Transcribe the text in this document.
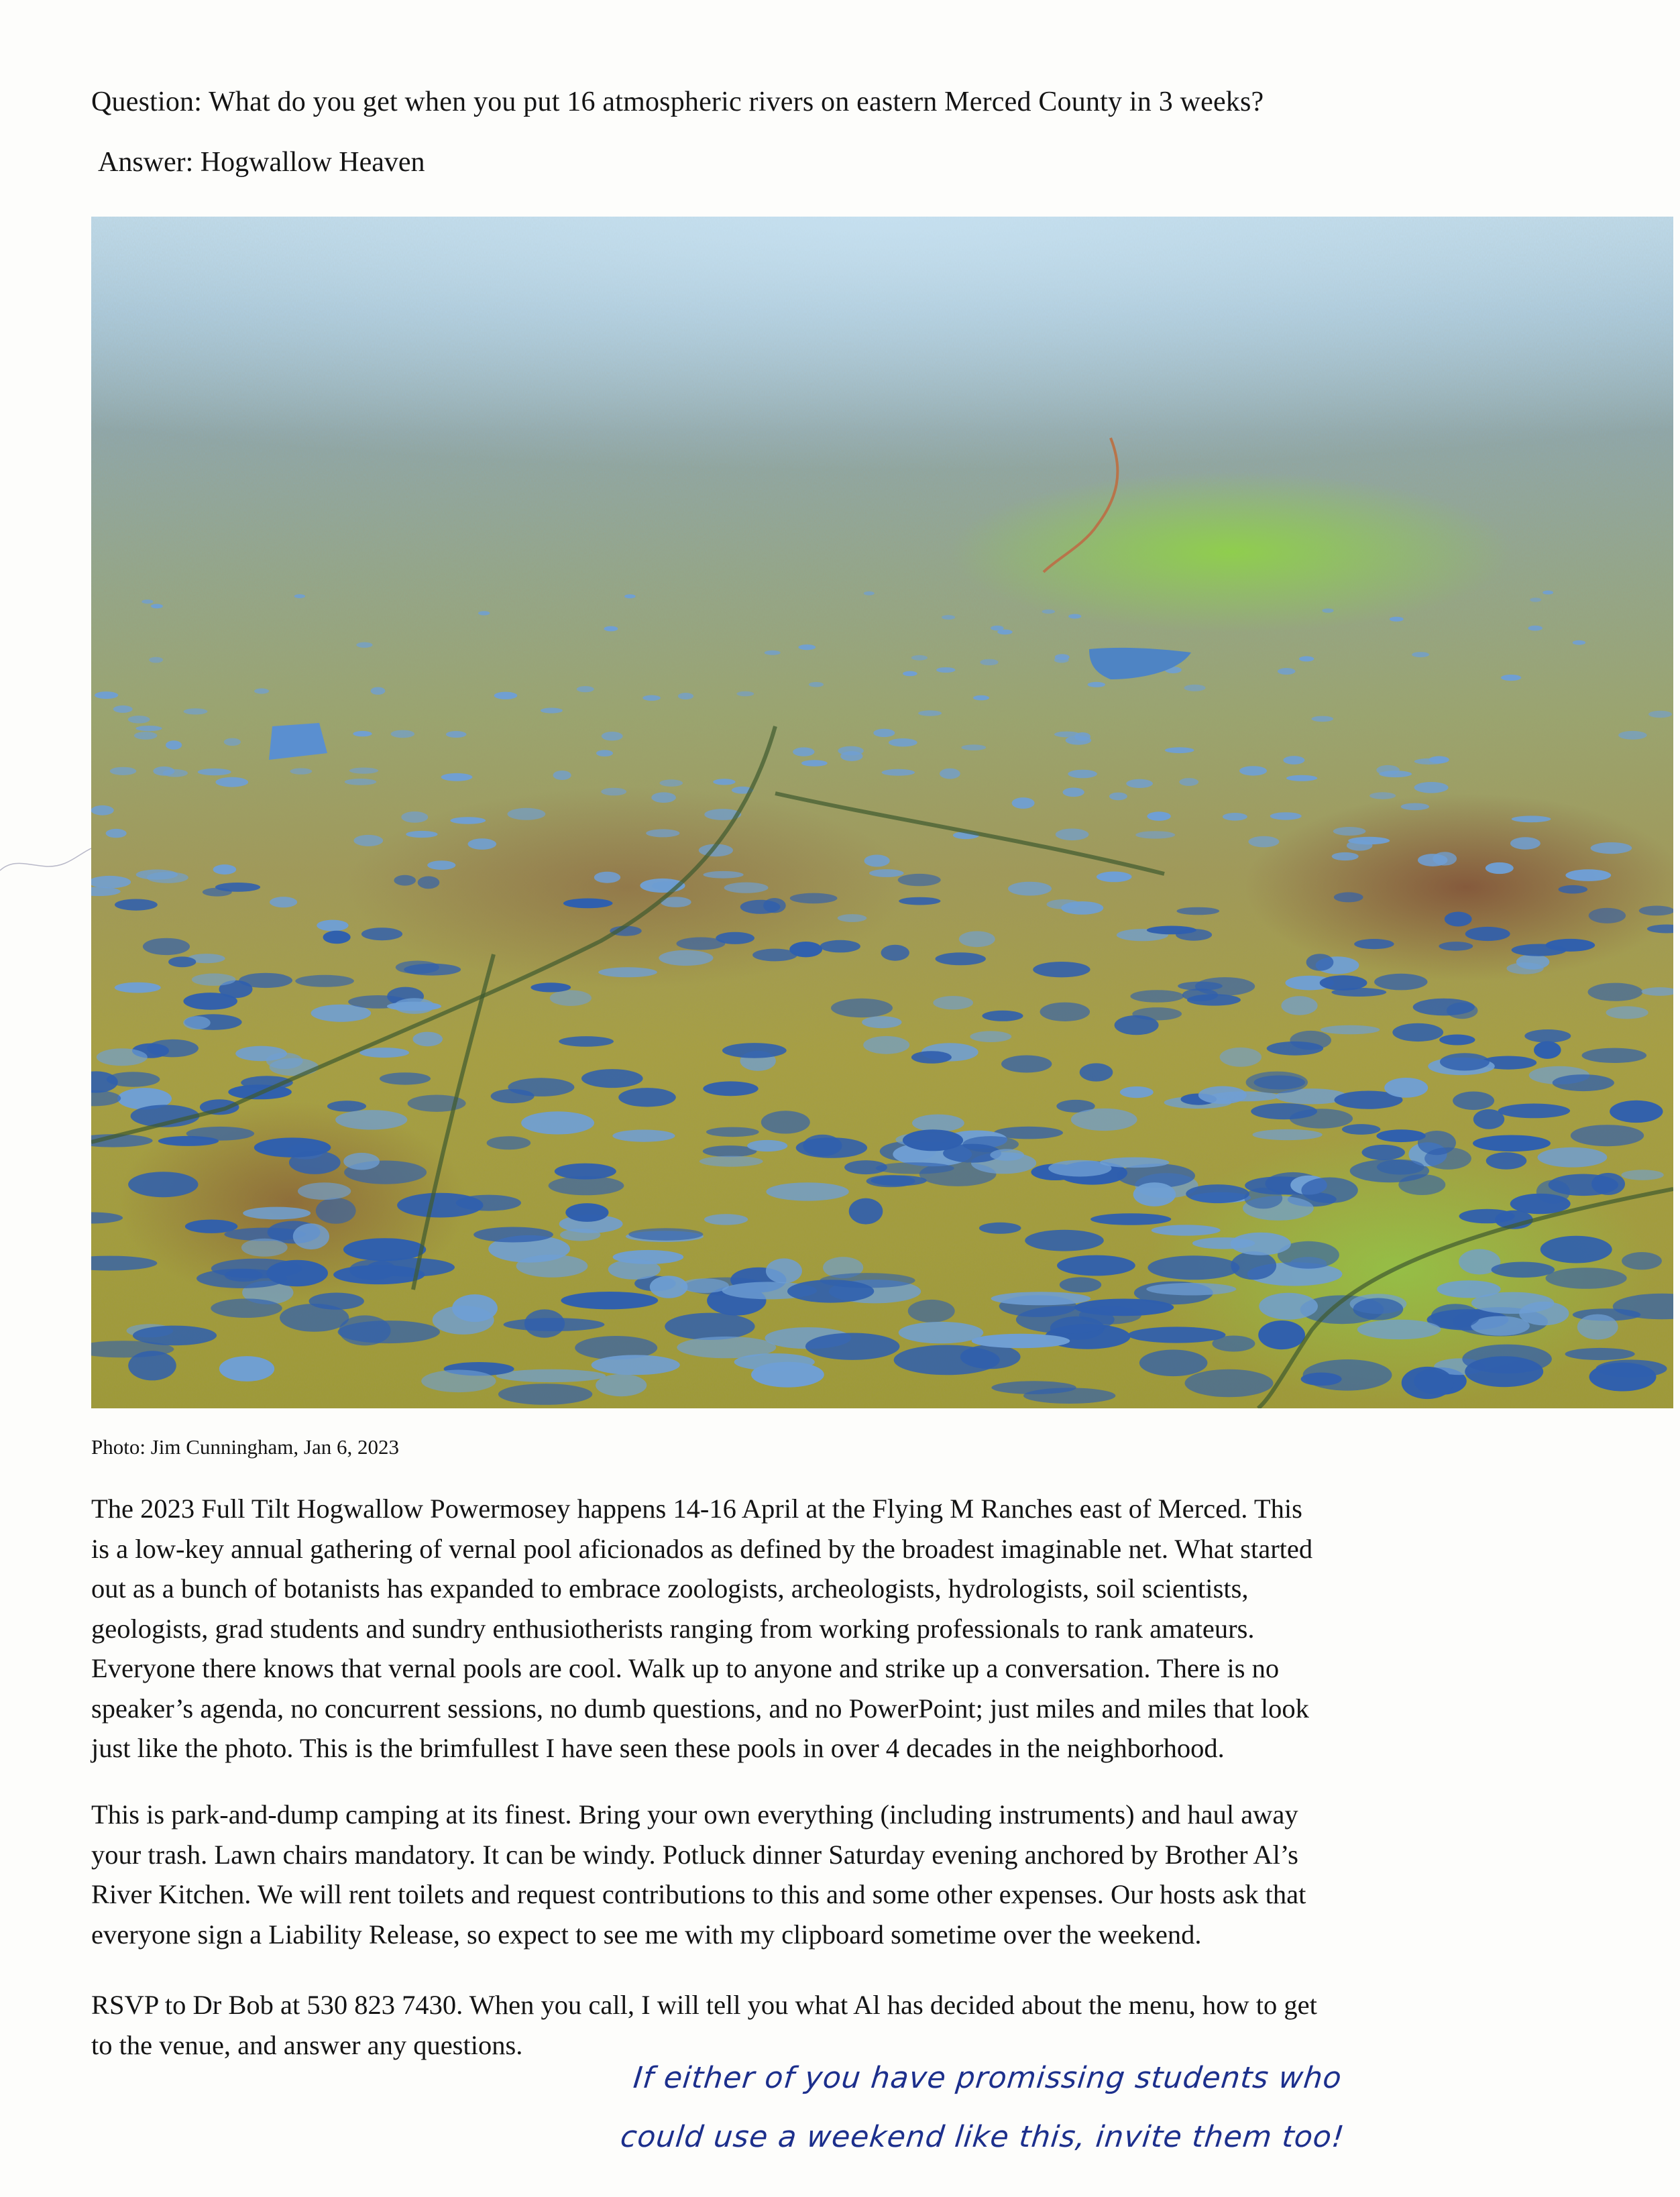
Question: What do you get when you put 16 atmospheric rivers on eastern Merced County in 3 weeks?
Answer: Hogwallow Heaven
Photo: Jim Cunningham, Jan 6, 2023
The 2023 Full Tilt Hogwallow Powermosey happens 14-16 April at the Flying M Ranches east of Merced. This
is a low-key annual gathering of vernal pool aficionados as defined by the broadest imaginable net. What started
out as a bunch of botanists has expanded to embrace zoologists, archeologists, hydrologists, soil scientists,
geologists, grad students and sundry enthusiotherists ranging from working professionals to rank amateurs.
Everyone there knows that vernal pools are cool. Walk up to anyone and strike up a conversation. There is no
speaker’s agenda, no concurrent sessions, no dumb questions, and no PowerPoint; just miles and miles that look
just like the photo. This is the brimfullest I have seen these pools in over 4 decades in the neighborhood.
This is park-and-dump camping at its finest. Bring your own everything (including instruments) and haul away
your trash. Lawn chairs mandatory. It can be windy. Potluck dinner Saturday evening anchored by Brother Al’s
River Kitchen. We will rent toilets and request contributions to this and some other expenses. Our hosts ask that
everyone sign a Liability Release, so expect to see me with my clipboard sometime over the weekend.
RSVP to Dr Bob at 530 823 7430. When you call, I will tell you what Al has decided about the menu, how to get
to the venue, and answer any questions.
If either of you have promissing students who
could use a weekend like this, invite them too!
